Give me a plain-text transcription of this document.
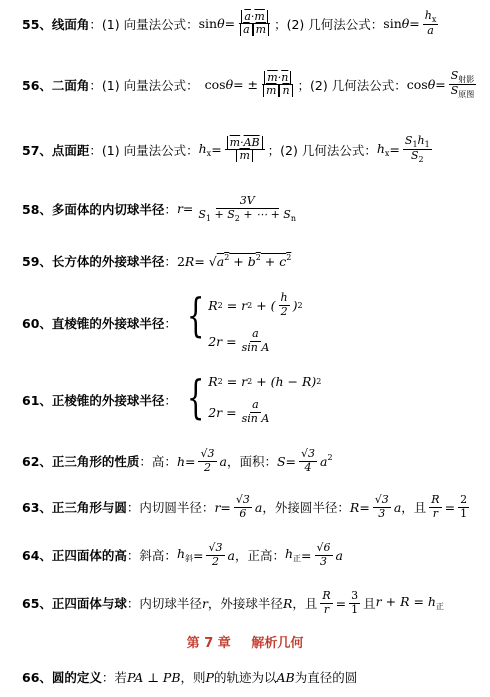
55、 线面角 ：(1) 向量法公式： $\sin \theta = \frac{\overline{a}\cdot\overline{m}}{\overline{a} \overline{m}}$ ；(2) 几何法公式： $\sin \theta = \frac{h_x}{a}$
56、 二面角 ：(1) 向量法公式： cos θ = ± $\frac{\overline{m}\cdot\overline{n}}{\overline{m} \overline{n}}$ ；(2) 几何法公式： $\cos \theta = \frac{S_{射影}}{S_{原图}}$
57、 点面距 ：(1) 向量法公式： $h_x = \frac{\overline{m}\cdot\overline{AB}}{m}$ ；(2) 几何法公式： $h_x = \frac{S_1h_1}{S_2}$
58、 多面体的内切球半径 ： $r = \frac{3V}{S_1 + S_2 + \cdots + S_n}$
59、 长方体的外接球半径 ： 2 R = √ $a^2 + b^2 + c^2$
60、 直棱锥的外接球半径 ： { R 2 = r 2 + ( $\frac{h}{2}$ ) 2
$2r = \frac{a}{\text{sin A}}$
61、 正棱锥的外接球半径 ： { R 2 = r 2 + (h − R) 2
$2r = \frac{a}{\text{sin A}}$
62、 正三角形的性质 ：高： $h = \frac{√3}{2}$ a ，面积： $S = \frac{√3}{4} a^2$
63、 正三角形与圆 ：内切圆半径： $r = \frac{√3}{6}$ a ，外接圆半径： $R = \frac{√3}{3}$ a ，且 $\frac{R}{r} = \frac{2}{1}$
64、 正四面体的高 ：斜高： $h_斜 = \frac{√3}{2}$ a ，正高： $h_正 = \frac{√6}{3}$ a
65、 正四面体与球 ：内切球半径 r ，外接球半径 R ，且 $\frac{R}{r} = \frac{3}{1}$ 且 $r + R = h_正$
第 7 章 解析几何
66、 圆的定义 ：若 PA ⊥ PB ，则 P 的轨迹为以 AB 为直径的圆
